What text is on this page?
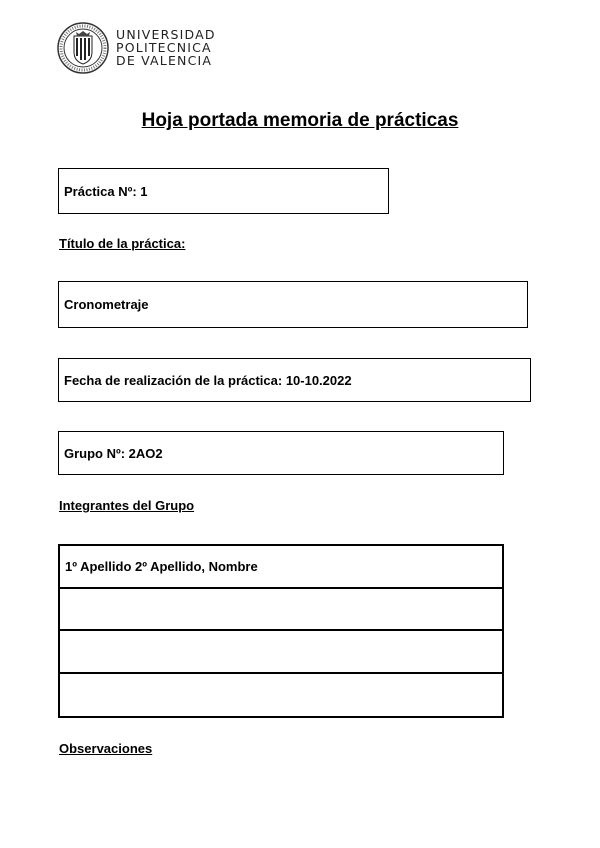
UNIVERSIDAD
POLITECNICA
DE VALENCIA
Hoja portada memoria de prácticas
Práctica Nº: 1
Título de la práctica:
Cronometraje
Fecha de realización de la práctica: 10-10.2022
Grupo Nº: 2AO2
Integrantes del Grupo
1º Apellido 2º Apellido, Nombre
Observaciones
